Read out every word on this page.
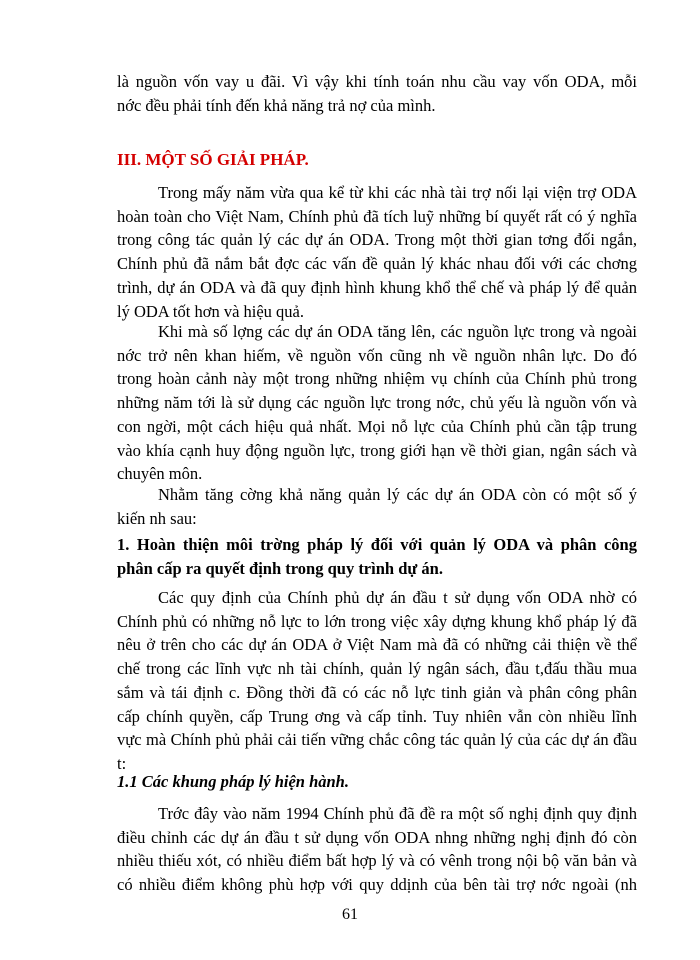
là nguồn vốn vay u đãi. Vì vậy khi tính toán nhu cầu vay vốn ODA, mỗi
nớc đều phải tính đến khả năng trả nợ của mình.
III. MỘT SỐ GIẢI PHÁP.
Trong mấy năm vừa qua kể từ khi các nhà tài trợ nối lại viện trợ ODA
hoàn toàn cho Việt Nam, Chính phủ đã tích luỹ những bí quyết rất có ý nghĩa
trong công tác quản lý các dự án ODA. Trong một thời gian tơng đối ngắn,
Chính phủ đã nắm bắt đợc các vấn đề quản lý khác nhau đối với các chơng
trình, dự án ODA và đã quy định hình khung khổ thể chế và pháp lý để quản
lý ODA tốt hơn và hiệu quả.
Khi mà số lợng các dự án ODA tăng lên, các nguồn lực trong và ngoài
nớc trở nên khan hiếm, về nguồn vốn cũng nh về nguồn nhân lực. Do đó
trong hoàn cảnh này một trong những nhiệm vụ chính của Chính phủ trong
những năm tới là sử dụng các nguồn lực trong nớc, chủ yếu là nguồn vốn và
con ngời, một cách hiệu quả nhất. Mọi nỗ lực của Chính phủ cần tập trung
vào khía cạnh huy động nguồn lực, trong giới hạn về thời gian, ngân sách và
chuyên môn.
Nhằm tăng cờng khả năng quản lý các dự án ODA còn có một số ý
kiến nh sau:
1. Hoàn thiện môi trờng pháp lý đối với quản lý ODA và phân công
phân cấp ra quyết định trong quy trình dự án.
Các quy định của Chính phủ dự án đầu t sử dụng vốn ODA nhờ có
Chính phủ có những nỗ lực to lớn trong việc xây dựng khung khổ pháp lý đã
nêu ở trên cho các dự án ODA ở Việt Nam mà đã có những cải thiện về thể
chế trong các lĩnh vực nh tài chính, quản lý ngân sách, đầu t,đấu thầu mua
sắm và tái định c. Đồng thời đã có các nỗ lực tinh giản và phân công phân
cấp chính quyền, cấp Trung ơng và cấp tỉnh. Tuy nhiên vẫn còn nhiều lĩnh
vực mà Chính phủ phải cải tiến vững chắc công tác quản lý của các dự án đầu
t:
1.1 Các khung pháp lý hiện hành.
Trớc đây vào năm 1994 Chính phủ đã đề ra một số nghị định quy định
điều chỉnh các dự án đầu t sử dụng vốn ODA nhng những nghị định đó còn
nhiều thiếu xót, có nhiều điểm bất hợp lý và có vênh trong nội bộ văn bản và
có nhiều điểm không phù hợp với quy ddịnh của bên tài trợ nớc ngoài (nh
61
